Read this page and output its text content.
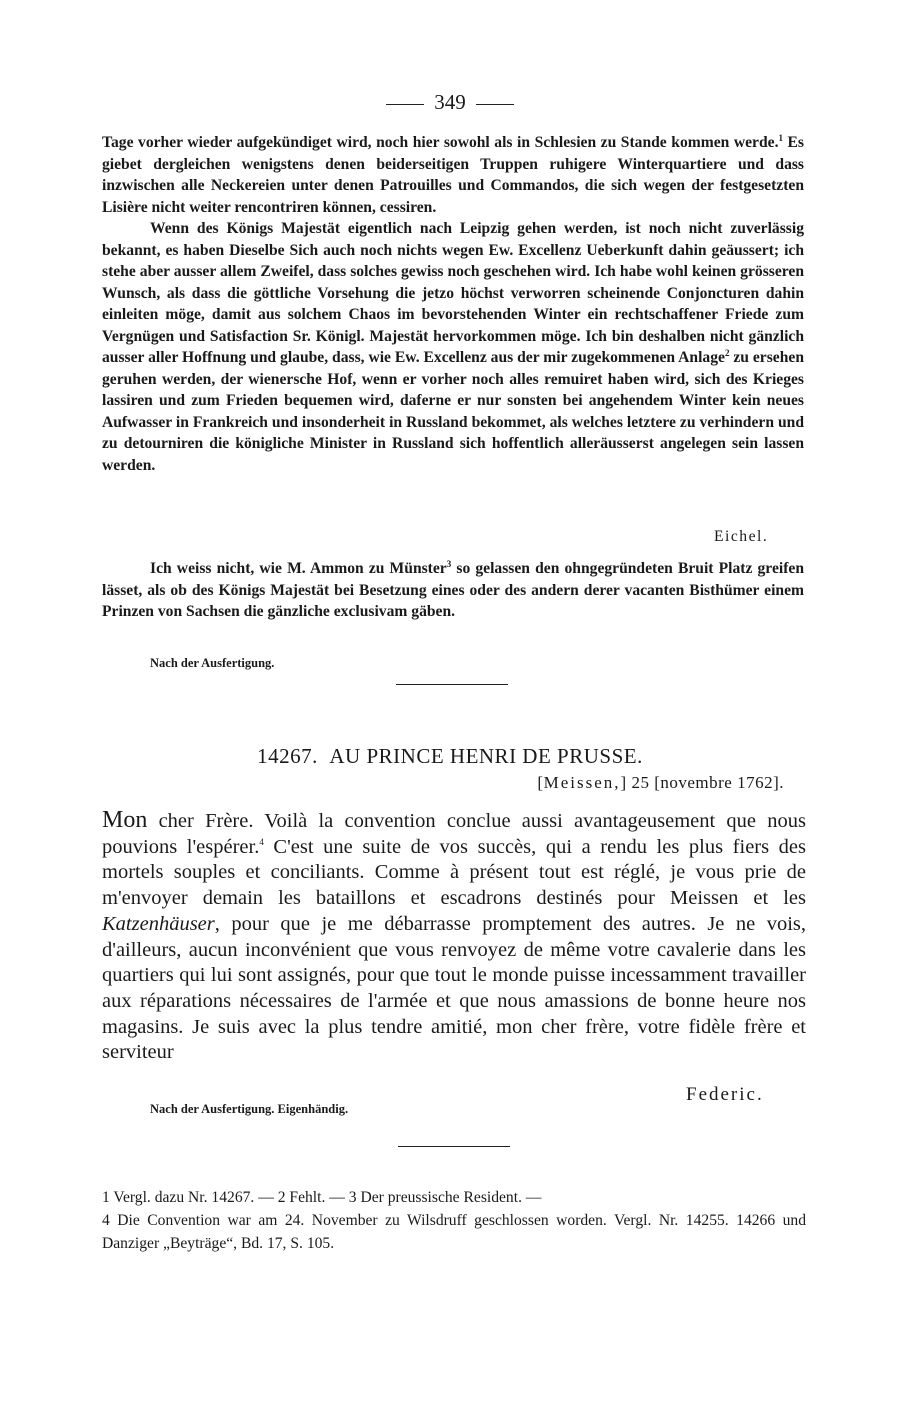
349

Tage vorher wieder aufgekündiget wird, noch hier sowohl als in Schlesien zu Stande kommen werde.$^1$ Es giebet dergleichen wenigstens denen beiderseitigen Truppen ruhigere Winterquartiere und dass inzwischen alle Neckereien unter denen Patrouilles und Commandos, die sich wegen der festgesetzten Lisière nicht weiter rencontriren können, cessiren.

Wenn des Königs Majestät eigentlich nach Leipzig gehen werden, ist noch nicht zuverlässig bekannt, es haben Dieselbe Sich auch noch nichts wegen Ew. Excellenz Ueberkunft dahin geäussert; ich stehe aber ausser allem Zweifel, dass solches gewiss noch geschehen wird. Ich habe wohl keinen grösseren Wunsch, als dass die göttliche Vorsehung die jetzo höchst verworren scheinende Conjoncturen dahin einleiten möge, damit aus solchem Chaos im bevorstehenden Winter ein rechtschaffener Friede zum Vergnügen und Satisfaction Sr. Königl. Majestät hervorkommen möge. Ich bin deshalben nicht gänzlich ausser aller Hoffnung und glaube, dass, wie Ew. Excellenz aus der mir zugekommenen Anlage$^2$ zu ersehen geruhen werden, der wienersche Hof, wenn er vorher noch alles remuiret haben wird, sich des Krieges lassiren und zum Frieden bequemen wird, daferne er nur sonsten bei angehendem Winter kein neues Aufwasser in Frankreich und insonderheit in Russland bekommet, als welches letztere zu verhindern und zu detourniren die königliche Minister in Russland sich hoffentlich alleräusserst angelegen sein lassen werden.

Eichel.

Ich weiss nicht, wie M. Ammon zu Münster$^3$ so gelassen den ohngegründeten Bruit Platz greifen lässet, als ob des Königs Majestät bei Besetzung eines oder des andern derer vacanten Bisthümer einem Prinzen von Sachsen die gänzliche exclusivam gäben.

Nach der Ausfertigung.
14267. AU PRINCE HENRI DE PRUSSE.
[Meissen,] 25 [novembre 1762].

Mon cher Frère. Voilà la convention conclue aussi avantageusement que nous pouvions l'espérer.$^4$ C'est une suite de vos succès, qui a rendu les plus fiers des mortels souples et conciliants. Comme à présent tout est réglé, je vous prie de m'envoyer demain les bataillons et escadrons destinés pour Meissen et les Katzenhäuser, pour que je me débarrasse promptement des autres. Je ne vois, d'ailleurs, aucun inconvénient que vous renvoyez de même votre cavalerie dans les quartiers qui lui sont assignés, pour que tout le monde puisse incessamment travailler aux réparations nécessaires de l'armée et que nous amassions de bonne heure nos magasins. Je suis avec la plus tendre amitié, mon cher frère, votre fidèle frère et serviteur

Federic.
Nach der Ausfertigung. Eigenhändig.

1 Vergl. dazu Nr. 14267. — 2 Fehlt. — 3 Der preussische Resident. —

4 Die Convention war am 24. November zu Wilsdruff geschlossen worden. Vergl. Nr. 14255. 14266 und Danziger „Beyträge“, Bd. 17, S. 105.
